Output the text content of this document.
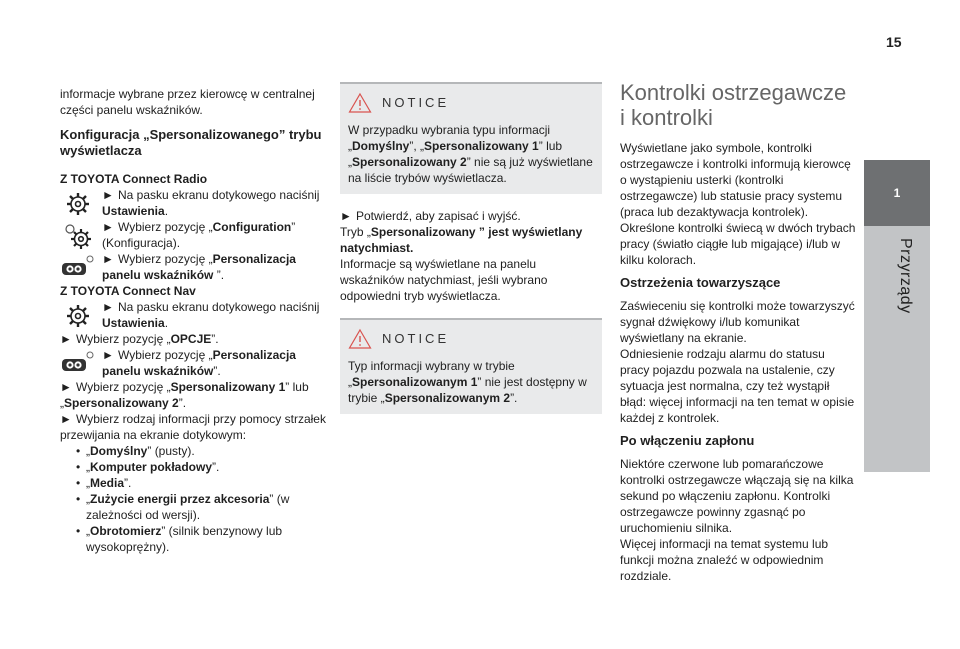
15
1
Przyrządy

informacje wybrane przez kierowcę w centralnej części panelu wskaźników.

Konfiguracja „Spersonalizowanego” trybu wyświetlacza

Z TOYOTA Connect Radio

► Na pasku ekranu dotykowego naciśnij Ustawienia.
► Wybierz pozycję „Configuration” (Konfiguracja).
► Wybierz pozycję „Personalizacja panelu wskaźników ”.

Z TOYOTA Connect Nav

► Na pasku ekranu dotykowego naciśnij Ustawienia.

► Wybierz pozycję „OPCJE”.

► Wybierz pozycję „Personalizacja panelu wskaźników”.

► Wybierz pozycję „Spersonalizowany 1” lub „Spersonalizowany 2”.

► Wybierz rodzaj informacji przy pomocy strzałek przewijania na ekranie dotykowym:

• „Domyślny” (pusty).
• „Komputer pokładowy”.
• „Media”.
• „Zużycie energii przez akcesoria” (w zależności od wersji).
• „Obrotomierz” (silnik benzynowy lub wysokoprężny).
NOTICE

W przypadku wybrania typu informacji „Domyślny”, „Spersonalizowany 1” lub „Spersonalizowany 2” nie są już wyświetlane na liście trybów wyświetlacza.

► Potwierdź, aby zapisać i wyjść.

Tryb „Spersonalizowany ” jest wyświetlany natychmiast.

Informacje są wyświetlane na panelu wskaźników natychmiast, jeśli wybrano odpowiedni tryb wyświetlacza.

NOTICE

Typ informacji wybrany w trybie „Spersonalizowanym 1” nie jest dostępny w trybie „Spersonalizowanym 2”.

Kontrolki ostrzegawcze i kontrolki

Wyświetlane jako symbole, kontrolki ostrzegawcze i kontrolki informują kierowcę o wystąpieniu usterki (kontrolki ostrzegawcze) lub statusie pracy systemu (praca lub dezaktywacja kontrolek). Określone kontrolki świecą w dwóch trybach pracy (światło ciągłe lub migające) i/lub w kilku kolorach.

Ostrzeżenia towarzyszące

Zaświeceniu się kontrolki może towarzyszyć sygnał dźwiękowy i/lub komunikat wyświetlany na ekranie.

Odniesienie rodzaju alarmu do statusu pracy pojazdu pozwala na ustalenie, czy sytuacja jest normalna, czy też wystąpił błąd: więcej informacji na ten temat w opisie każdej z kontrolek.

Po włączeniu zapłonu

Niektóre czerwone lub pomarańczowe kontrolki ostrzegawcze włączają się na kilka sekund po włączeniu zapłonu. Kontrolki ostrzegawcze powinny zgasnąć po uruchomieniu silnika.

Więcej informacji na temat systemu lub funkcji można znaleźć w odpowiednim rozdziale.
